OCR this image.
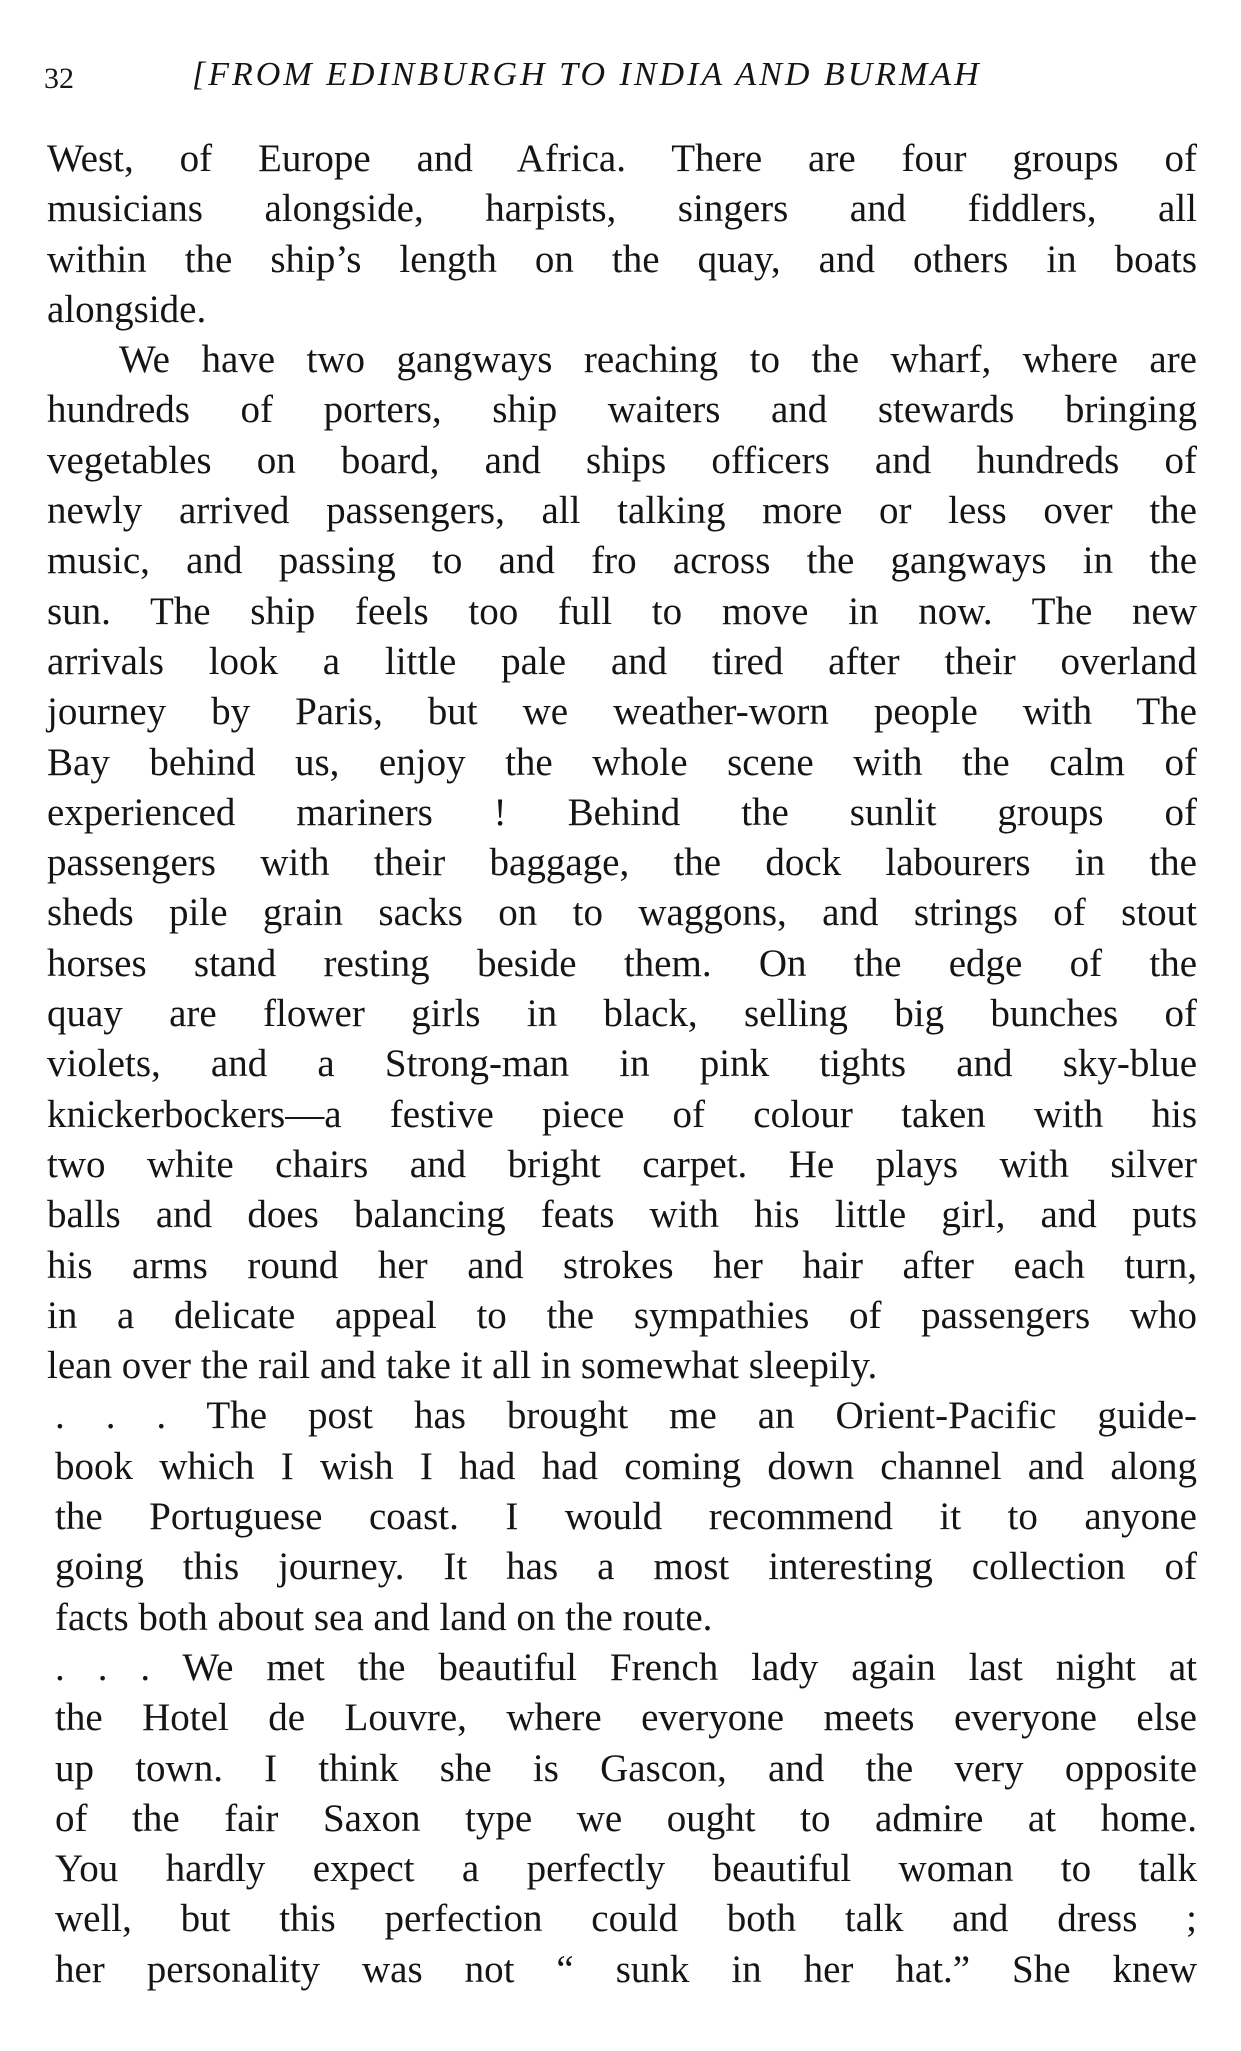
32	[FROM EDINBURGH TO INDIA AND BURMAH
West, of Europe and Africa. There are four groups of
musicians alongside, harpists, singers and fiddlers, all
within the ship’s length on the quay, and others in boats
alongside.
We have two gangways reaching to the wharf, where are
hundreds of porters, ship waiters and stewards bringing
vegetables on board, and ships officers and hundreds of
newly arrived passengers, all talking more or less over the
music, and passing to and fro across the gangways in the
sun. The ship feels too full to move in now. The new
arrivals look a little pale and tired after their overland
journey by Paris, but we weather-worn people with The
Bay behind us, enjoy the whole scene with the calm of
experienced mariners ! Behind the sunlit groups of
passengers with their baggage, the dock labourers in the
sheds pile grain sacks on to waggons, and strings of stout
horses stand resting beside them. On the edge of the
quay are flower girls in black, selling big bunches of
violets, and a Strong-man in pink tights and sky-blue
knickerbockers—a festive piece of colour taken with his
two white chairs and bright carpet. He plays with silver
balls and does balancing feats with his little girl, and puts
his arms round her and strokes her hair after each turn,
in a delicate appeal to the sympathies of passengers who
lean over the rail and take it all in somewhat sleepily.
. . . The post has brought me an Orient-Pacific guide-
book which I wish I had had coming down channel and along
the Portuguese coast. I would recommend it to anyone
going this journey. It has a most interesting collection of
facts both about sea and land on the route.
. . . We met the beautiful French lady again last night at
the Hotel de Louvre, where everyone meets everyone else
up town. I think she is Gascon, and the very opposite
of the fair Saxon type we ought to admire at home.
You hardly expect a perfectly beautiful woman to talk
well, but this perfection could both talk and dress ;
her personality was not “ sunk in her hat.” She knew
